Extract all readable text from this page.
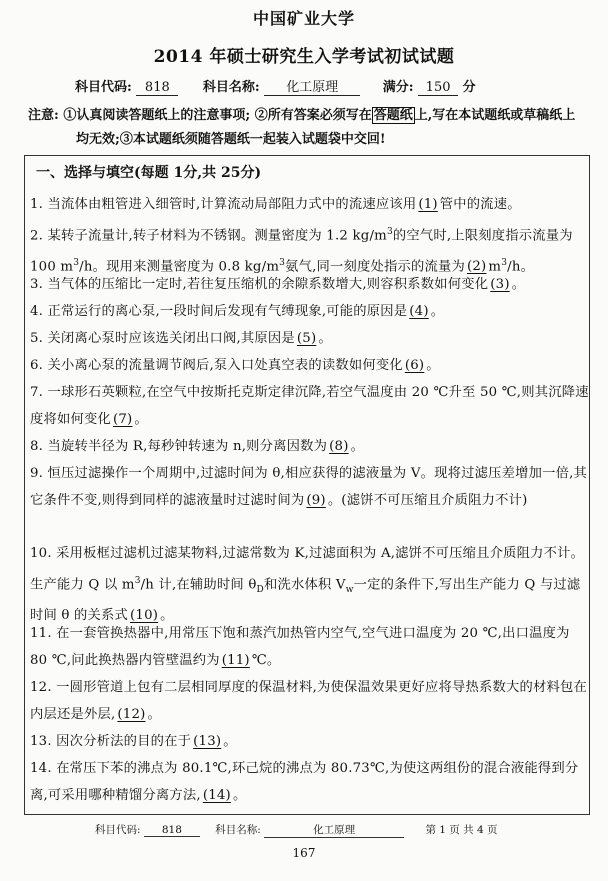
中国矿业大学
2014 年硕士研究生入学考试初试试题
科目代码: 818	科目名称: 化工原理	满分: 150 分
注意: ①认真阅读答题纸上的注意事项; ②所有答案必须写在 答题纸 上,写在本试题纸或草稿纸上
均无效;③本试题纸须随答题纸一起装入试题袋中交回!
一、选择与填空(每题 1分,共 25分)
1. 当流体由粗管进入细管时,计算流动局部阻力式中的流速应该用 (1) 管中的流速。
2. 某转子流量计,转子材料为不锈钢。测量密度为 1.2 $kg/m^3$的空气时,上限刻度指示流量为 100 $m^3/h$。现用来测量密度为 0.8 $kg/m^3$氨气,同一刻度处指示的流量为 (2) $m^3/h$。
3. 当气体的压缩比一定时,若往复压缩机的余隙系数增大,则容积系数如何变化 (3) 。
4. 正常运行的离心泵,一段时间后发现有气缚现象,可能的原因是 (4) 。
5. 关闭离心泵时应该选关闭出口阀,其原因是 (5) 。
6. 关小离心泵的流量调节阀后,泵入口处真空表的读数如何变化 (6) 。
7. 一球形石英颗粒,在空气中按斯托克斯定律沉降,若空气温度由 20 ℃升至 50 ℃,则其沉降速度将如何变化 (7) 。
8. 当旋转半径为 R,每秒钟转速为 n,则分离因数为 (8) 。
9. 恒压过滤操作一个周期中,过滤时间为 θ,相应获得的滤液量为 V。现将过滤压差增加一倍,其它条件不变,则得到同样的滤液量时过滤时间为 (9) 。(滤饼不可压缩且介质阻力不计)
10. 采用板框过滤机过滤某物料,过滤常数为 K,过滤面积为 A,滤饼不可压缩且介质阻力不计。生产能力 Q 以 $m^3/h$ 计,在辅助时间 $\theta_D$和洗水体积 $V_w$一定的条件下,写出生产能力 Q 与过滤时间 θ 的关系式 (10) 。
11. 在一套管换热器中,用常压下饱和蒸汽加热管内空气,空气进口温度为 20 ℃,出口温度为 80 ℃,问此换热器内管壁温约为 (11) ℃。
12. 一圆形管道上包有二层相同厚度的保温材料,为使保温效果更好应将导热系数大的材料包在内层还是外层, (12) 。
13. 因次分析法的目的在于 (13) 。
14. 在常压下苯的沸点为 80.1℃,环己烷的沸点为 80.73℃,为使这两组份的混合液能得到分离,可采用哪种精馏分离方法, (14) 。
科目代码: 818	科目名称:	化工原理	第 1 页 共 4 页
167
